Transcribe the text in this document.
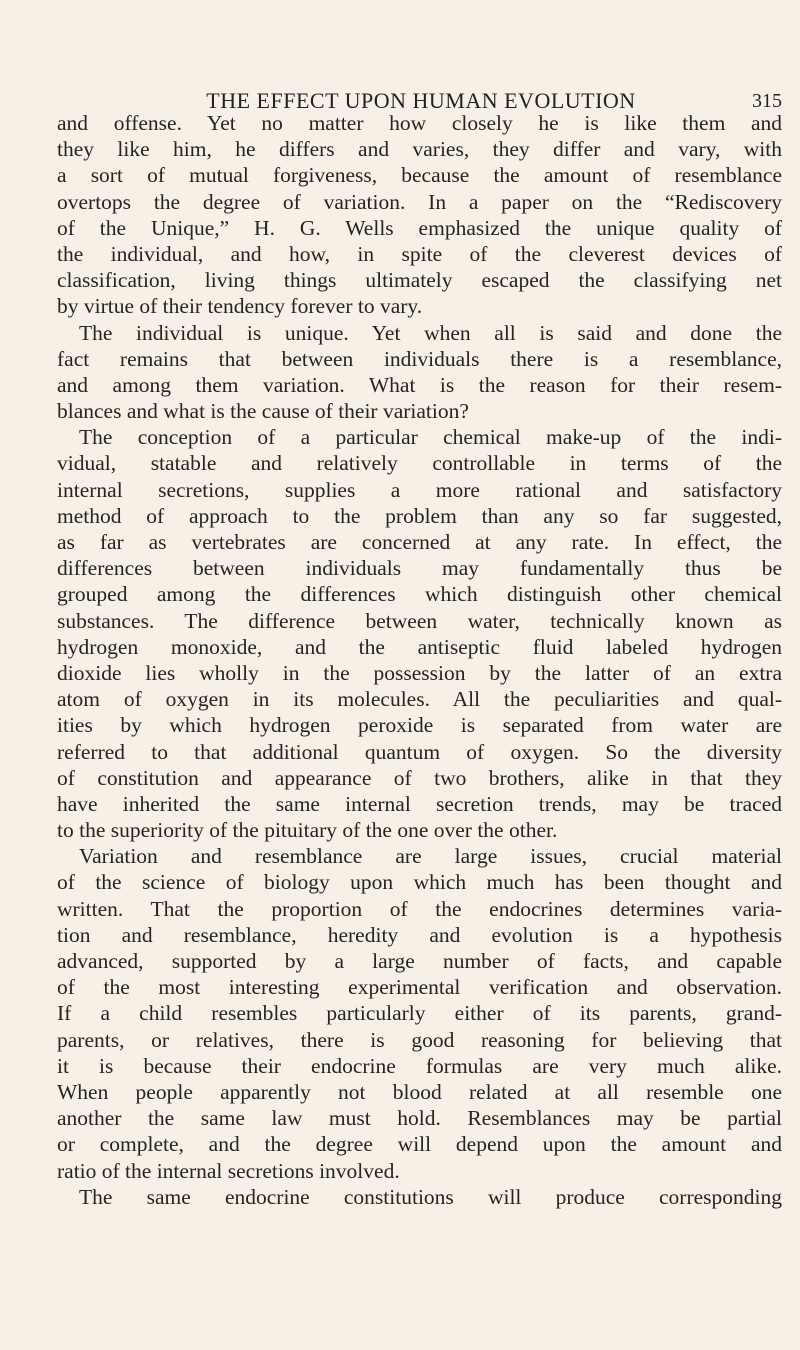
THE EFFECT UPON HUMAN EVOLUTION	315
and offense. Yet no matter how closely he is like them and
they like him, he differs and varies, they differ and vary, with
a sort of mutual forgiveness, because the amount of resemblance
overtops the degree of variation. In a paper on the “Rediscovery
of the Unique,” H. G. Wells emphasized the unique quality of
the individual, and how, in spite of the cleverest devices of
classification, living things ultimately escaped the classifying net
by virtue of their tendency forever to vary.
The individual is unique. Yet when all is said and done the
fact remains that between individuals there is a resemblance,
and among them variation. What is the reason for their resem-
blances and what is the cause of their variation?
The conception of a particular chemical make-up of the indi-
vidual, statable and relatively controllable in terms of the
internal secretions, supplies a more rational and satisfactory
method of approach to the problem than any so far suggested,
as far as vertebrates are concerned at any rate. In effect, the
differences between individuals may fundamentally thus be
grouped among the differences which distinguish other chemical
substances. The difference between water, technically known as
hydrogen monoxide, and the antiseptic fluid labeled hydrogen
dioxide lies wholly in the possession by the latter of an extra
atom of oxygen in its molecules. All the peculiarities and qual-
ities by which hydrogen peroxide is separated from water are
referred to that additional quantum of oxygen. So the diversity
of constitution and appearance of two brothers, alike in that they
have inherited the same internal secretion trends, may be traced
to the superiority of the pituitary of the one over the other.
Variation and resemblance are large issues, crucial material
of the science of biology upon which much has been thought and
written. That the proportion of the endocrines determines varia-
tion and resemblance, heredity and evolution is a hypothesis
advanced, supported by a large number of facts, and capable
of the most interesting experimental verification and observation.
If a child resembles particularly either of its parents, grand-
parents, or relatives, there is good reasoning for believing that
it is because their endocrine formulas are very much alike.
When people apparently not blood related at all resemble one
another the same law must hold. Resemblances may be partial
or complete, and the degree will depend upon the amount and
ratio of the internal secretions involved.
The same endocrine constitutions will produce corresponding
